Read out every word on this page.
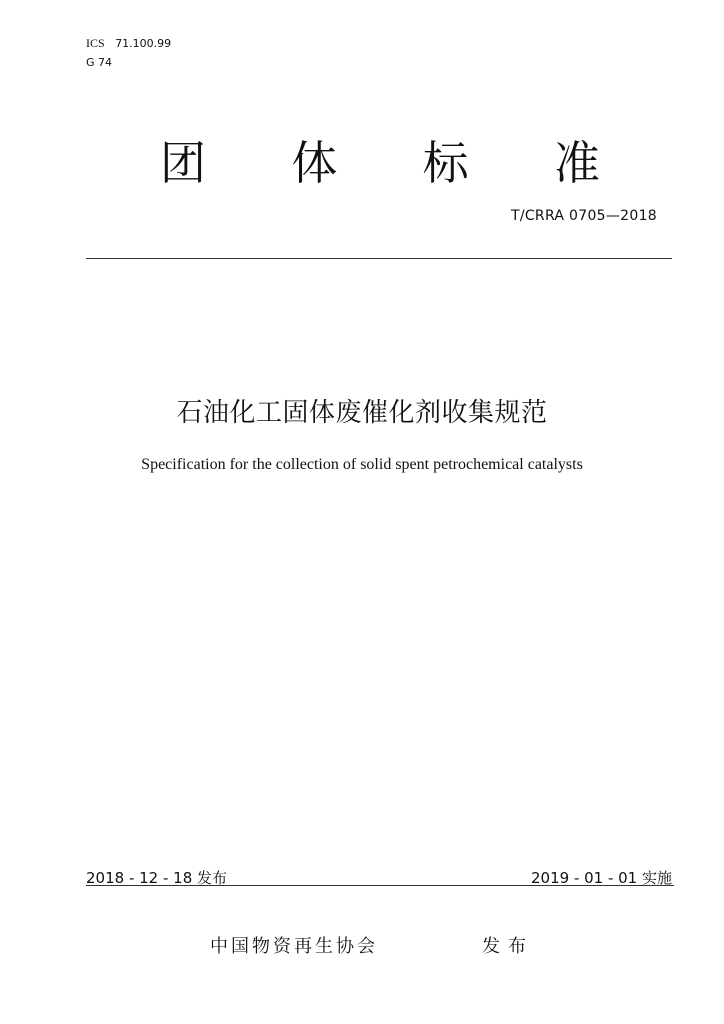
ICS 71.100.99
G 74
团 体 标 准
T/CRRA 0705—2018
石油化工固体废催化剂收集规范
Specification for the collection of solid spent petrochemical catalysts
2018 - 12 - 18 发布	2019 - 01 - 01 实施
中国物资再生协会	发布
